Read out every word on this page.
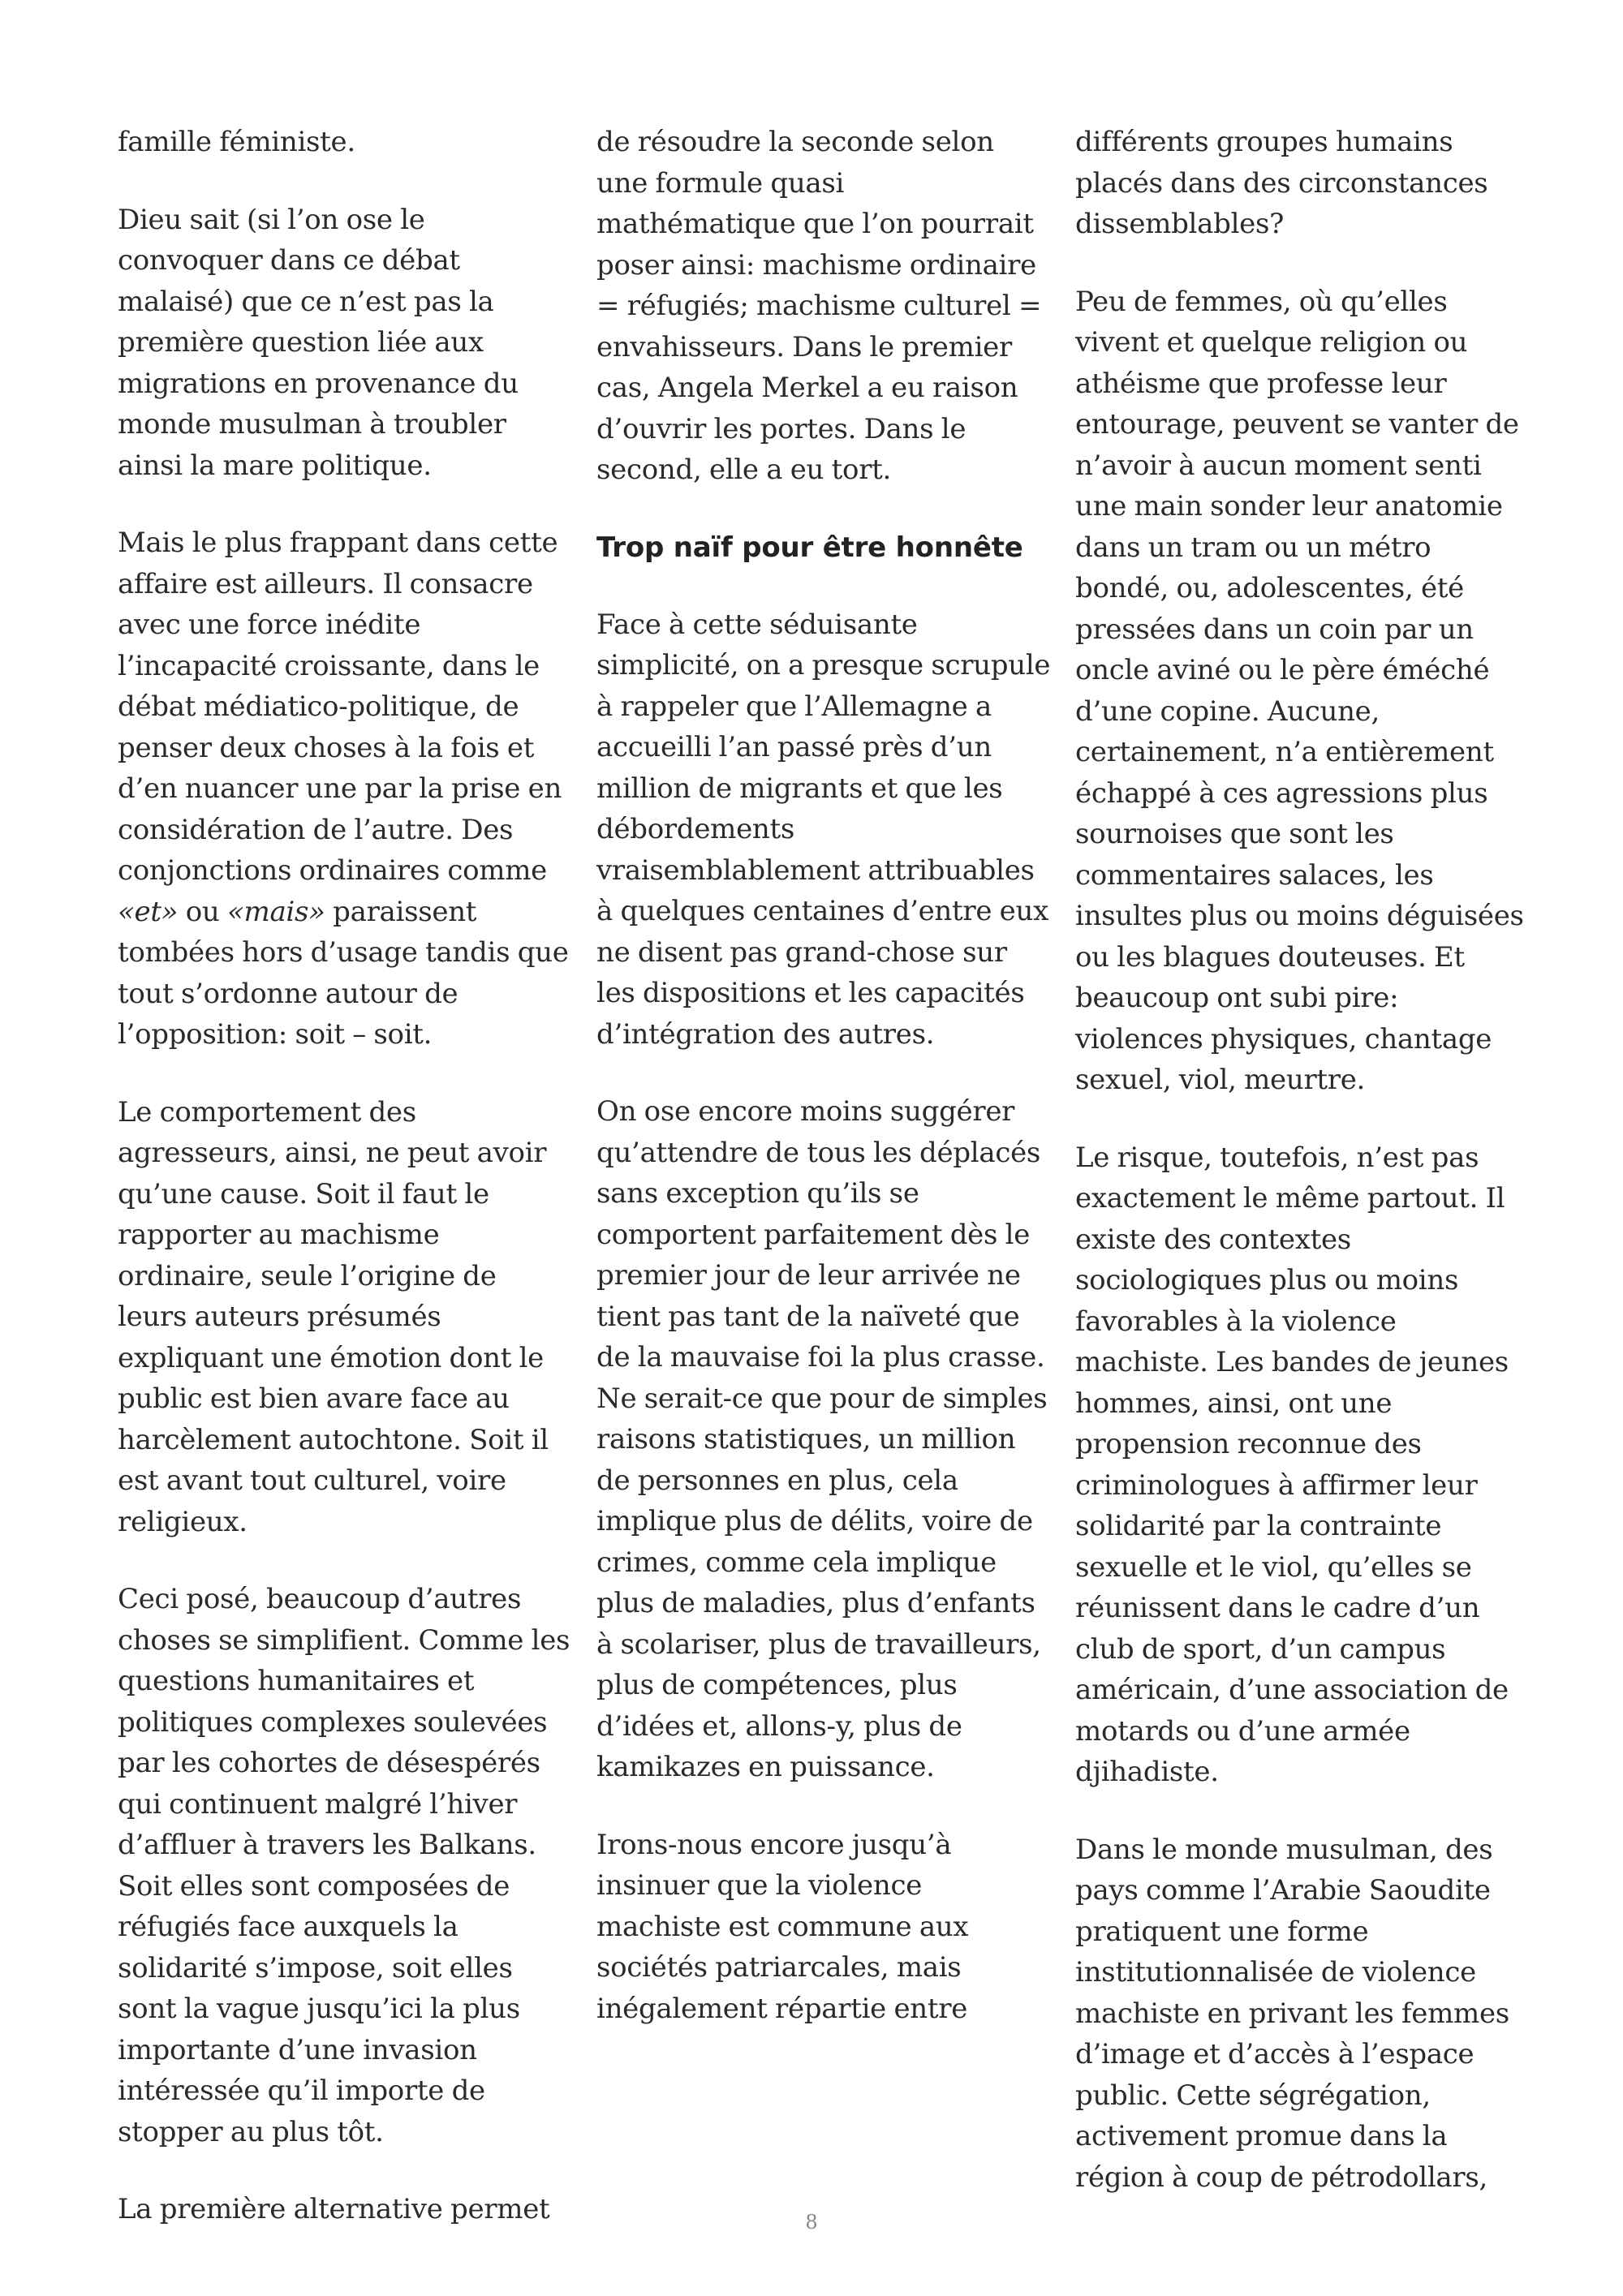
famille féministe.

Dieu sait (si l’on ose le convoquer dans ce débat malaisé) que ce n’est pas la première question liée aux migrations en provenance du monde musulman à troubler ainsi la mare politique.

Mais le plus frappant dans cette affaire est ailleurs. Il consacre avec une force inédite l’incapacité croissante, dans le débat médiatico-politique, de penser deux choses à la fois et d’en nuancer une par la prise en considération de l’autre. Des conjonctions ordinaires comme «et» ou «mais» paraissent tombées hors d’usage tandis que tout s’ordonne autour de l’opposition: soit – soit.

Le comportement des agresseurs, ainsi, ne peut avoir qu’une cause. Soit il faut le rapporter au machisme ordinaire, seule l’origine de leurs auteurs présumés expliquant une émotion dont le public est bien avare face au harcèlement autochtone. Soit il est avant tout culturel, voire religieux.

Ceci posé, beaucoup d’autres choses se simplifient. Comme les questions humanitaires et politiques complexes soulevées par les cohortes de désespérés qui continuent malgré l’hiver d’affluer à travers les Balkans. Soit elles sont composées de réfugiés face auxquels la solidarité s’impose, soit elles sont la vague jusqu’ici la plus importante d’une invasion intéressée qu’il importe de stopper au plus tôt.

La première alternative permet

de résoudre la seconde selon une formule quasi mathématique que l’on pourrait poser ainsi: machisme ordinaire = réfugiés; machisme culturel = envahisseurs. Dans le premier cas, Angela Merkel a eu raison d’ouvrir les portes. Dans le second, elle a eu tort.

Trop naïf pour être honnête

Face à cette séduisante simplicité, on a presque scrupule à rappeler que l’Allemagne a accueilli l’an passé près d’un million de migrants et que les débordements vraisemblablement attribuables à quelques centaines d’entre eux ne disent pas grand-chose sur les dispositions et les capacités d’intégration des autres.

On ose encore moins suggérer qu’attendre de tous les déplacés sans exception qu’ils se comportent parfaitement dès le premier jour de leur arrivée ne tient pas tant de la naïveté que de la mauvaise foi la plus crasse. Ne serait-ce que pour de simples raisons statistiques, un million de personnes en plus, cela implique plus de délits, voire de crimes, comme cela implique plus de maladies, plus d’enfants à scolariser, plus de travailleurs, plus de compétences, plus d’idées et, allons-y, plus de kamikazes en puissance.

Irons-nous encore jusqu’à insinuer que la violence machiste est commune aux sociétés patriarcales, mais inégalement répartie entre

différents groupes humains placés dans des circonstances dissemblables?

Peu de femmes, où qu’elles vivent et quelque religion ou athéisme que professe leur entourage, peuvent se vanter de n’avoir à aucun moment senti une main sonder leur anatomie dans un tram ou un métro bondé, ou, adolescentes, été pressées dans un coin par un oncle aviné ou le père éméché d’une copine. Aucune, certainement, n’a entièrement échappé à ces agressions plus sournoises que sont les commentaires salaces, les insultes plus ou moins déguisées ou les blagues douteuses. Et beaucoup ont subi pire: violences physiques, chantage sexuel, viol, meurtre.

Le risque, toutefois, n’est pas exactement le même partout. Il existe des contextes sociologiques plus ou moins favorables à la violence machiste. Les bandes de jeunes hommes, ainsi, ont une propension reconnue des criminologues à affirmer leur solidarité par la contrainte sexuelle et le viol, qu’elles se réunissent dans le cadre d’un club de sport, d’un campus américain, d’une association de motards ou d’une armée djihadiste.

Dans le monde musulman, des pays comme l’Arabie Saoudite pratiquent une forme institutionnalisée de violence machiste en privant les femmes d’image et d’accès à l’espace public. Cette ségrégation, activement promue dans la région à coup de pétrodollars,

8
